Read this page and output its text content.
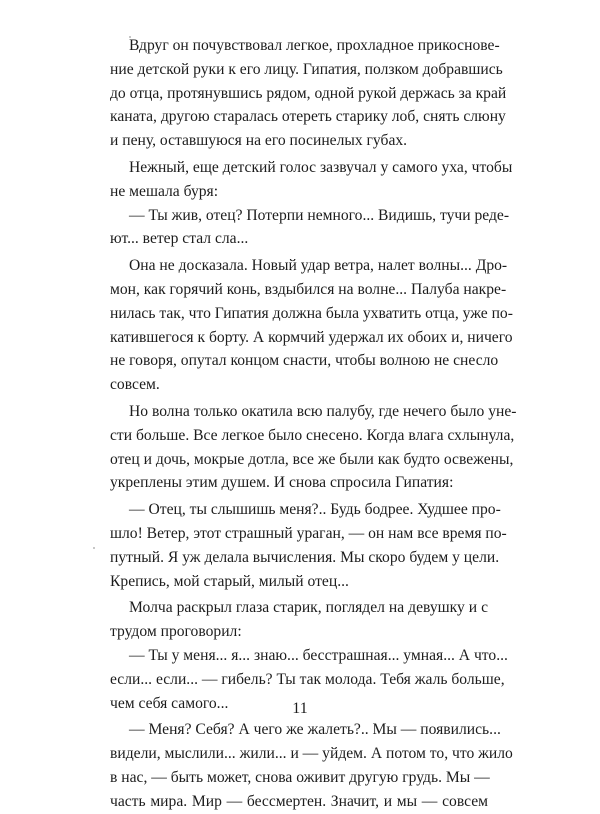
Вдруг он почувствовал легкое, прохладное прикоснове-
ние детской руки к его лицу. Гипатия, ползком добравшись
до отца, протянувшись рядом, одной рукой держась за край
каната, другою старалась отереть старику лоб, снять слюну
и пену, оставшуюся на его посинелых губах.

Нежный, еще детский голос зазвучал у самого уха, чтобы
не мешала буря:

— Ты жив, отец? Потерпи немного... Видишь, тучи реде-
ют... ветер стал сла...

Она не досказала. Новый удар ветра, налет волны... Дро-
мон, как горячий конь, вздыбился на волне... Палуба накре-
нилась так, что Гипатия должна была ухватить отца, уже по-
катившегося к борту. А кормчий удержал их обоих и, ничего
не говоря, опутал концом снасти, чтобы волною не снесло
совсем.

Но волна только окатила всю палубу, где нечего было уне-
сти больше. Все легкое было снесено. Когда влага схлынула,
отец и дочь, мокрые дотла, все же были как будто освежены,
укреплены этим душем. И снова спросила Гипатия:

— Отец, ты слышишь меня?.. Будь бодрее. Худшее про-
шло! Ветер, этот страшный ураган, — он нам все время по-
путный. Я уж делала вычисления. Мы скоро будем у цели.
Крепись, мой старый, милый отец...

Молча раскрыл глаза старик, поглядел на девушку и с
трудом проговорил:

— Ты у меня... я... знаю... бесстрашная... умная... А что...
если... если... — гибель? Ты так молода. Тебя жаль больше,
чем себя самого...

— Меня? Себя? А чего же жалеть?.. Мы — появились...
видели, мыслили... жили... и — уйдем. А потом то, что жило
в нас, — быть может, снова оживит другую грудь. Мы —
часть мира. Мир — бессмертен. Значит, и мы — совсем

11
